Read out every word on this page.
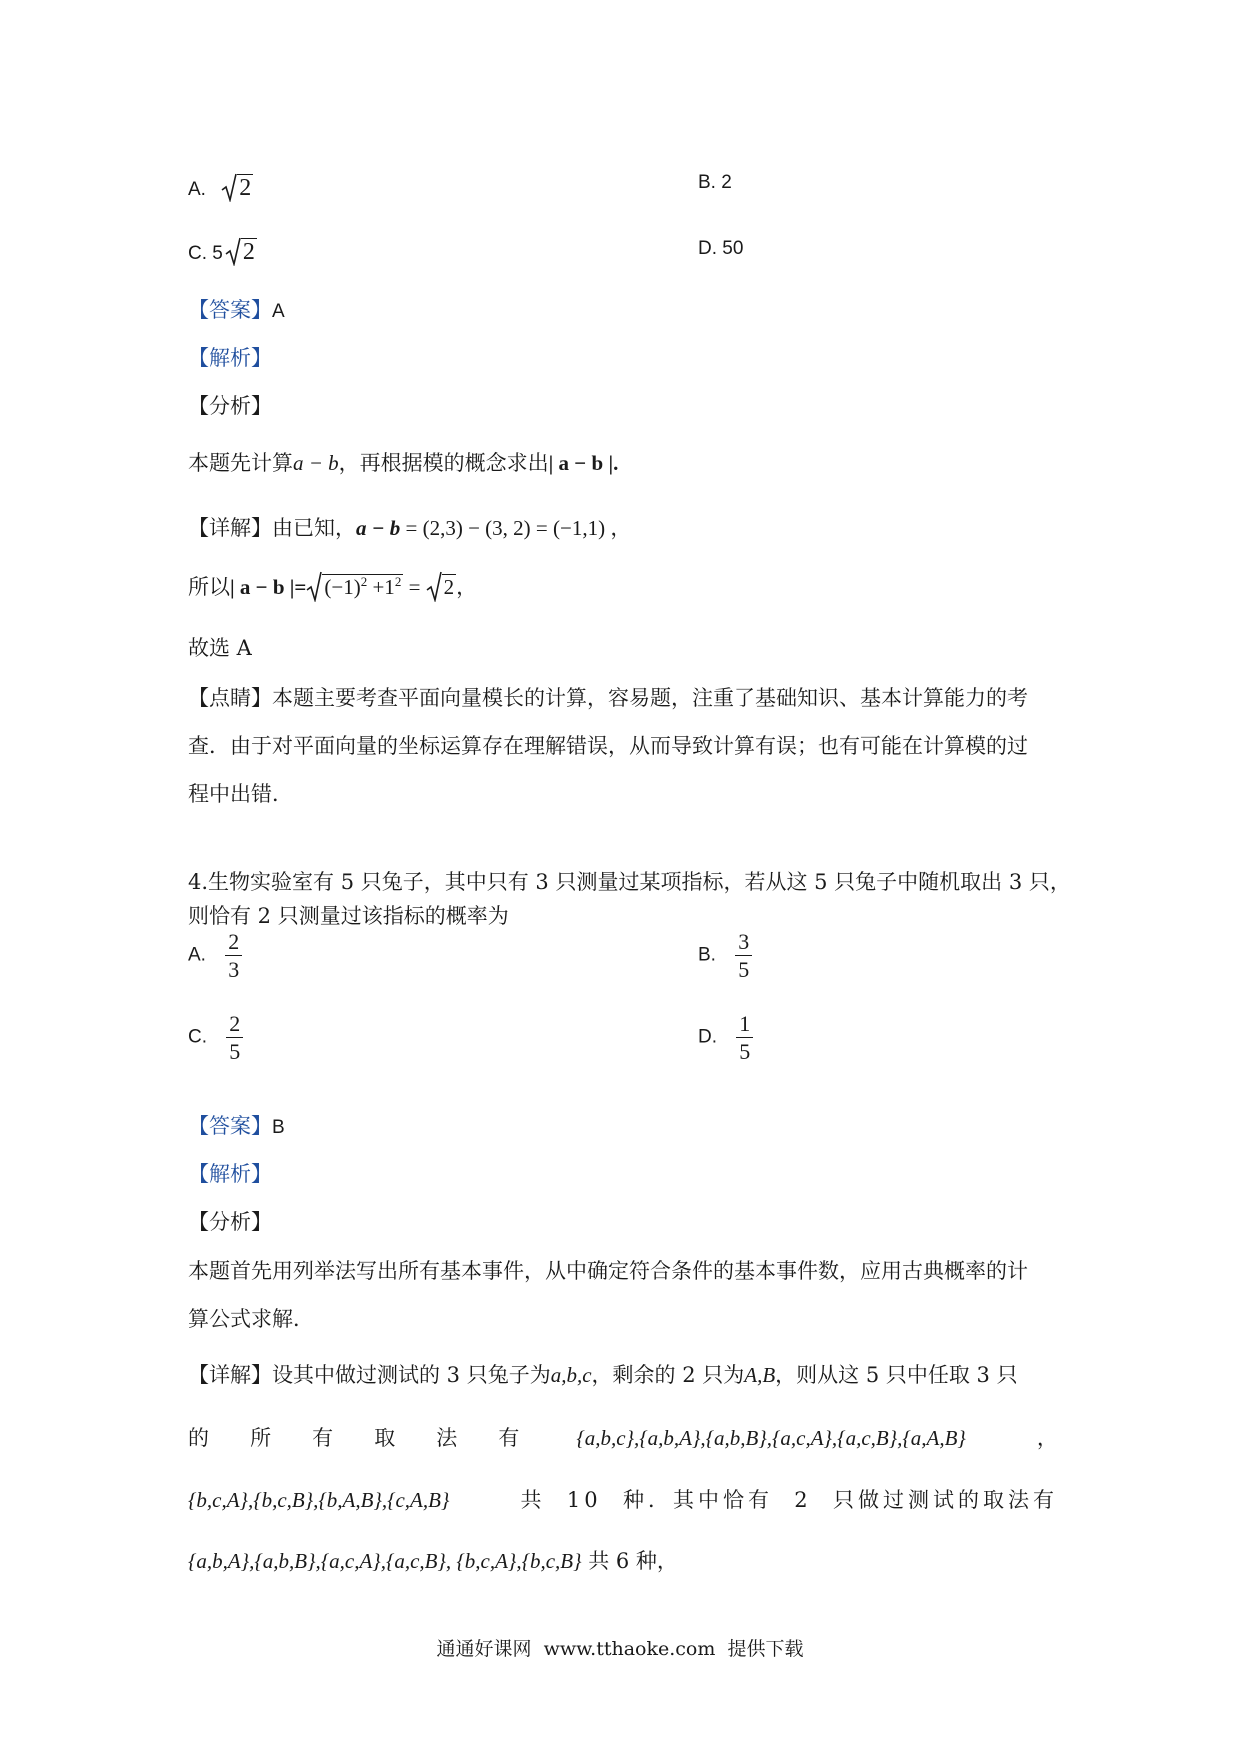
A. 2	B. 2
C. 5 2	D. 50
【答案】A
【解析】
【分析】
本题先计算a − b，再根据模的概念求出| a − b |.
【详解】由已知，a − b = (2,3) − (3, 2) = (−1,1) ，
所以| a − b |= $(-1)^2 +1^2 = 2$，
故选 A
【点睛】本题主要考查平面向量模长的计算，容易题，注重了基础知识、基本计算能力的考
查．由于对平面向量的坐标运算存在理解错误，从而导致计算有误；也有可能在计算模的过
程中出错．
4.生物实验室有 5 只兔子，其中只有 3 只测量过某项指标，若从这 5 只兔子中随机取出 3 只，
则恰有 2 只测量过该指标的概率为
A. $\frac{2}{3}$	B. $\frac{3}{5}$
C. $\frac{2}{5}$	D. $\frac{1}{5}$
【答案】B
【解析】
【分析】
本题首先用列举法写出所有基本事件，从中确定符合条件的基本事件数，应用古典概率的计
算公式求解．
【详解】设其中做过测试的 3 只兔子为a,b,c，剩余的 2 只为A,B，则从这 5 只中任取 3 只
的 所 有 取 法 有	{a,b,c},{a,b,A},{a,b,B},{a,c,A},{a,c,B},{a,A,B}	，
{b,c,A},{b,c,B},{b,A,B},{c,A,B}	共  10  种．其中恰有  2  只做过测试的取法有
{a,b,A},{a,b,B},{a,c,A},{a,c,B}, {b,c,A},{b,c,B} 共 6 种，
通通好课网  www.tthaoke.com  提供下载
